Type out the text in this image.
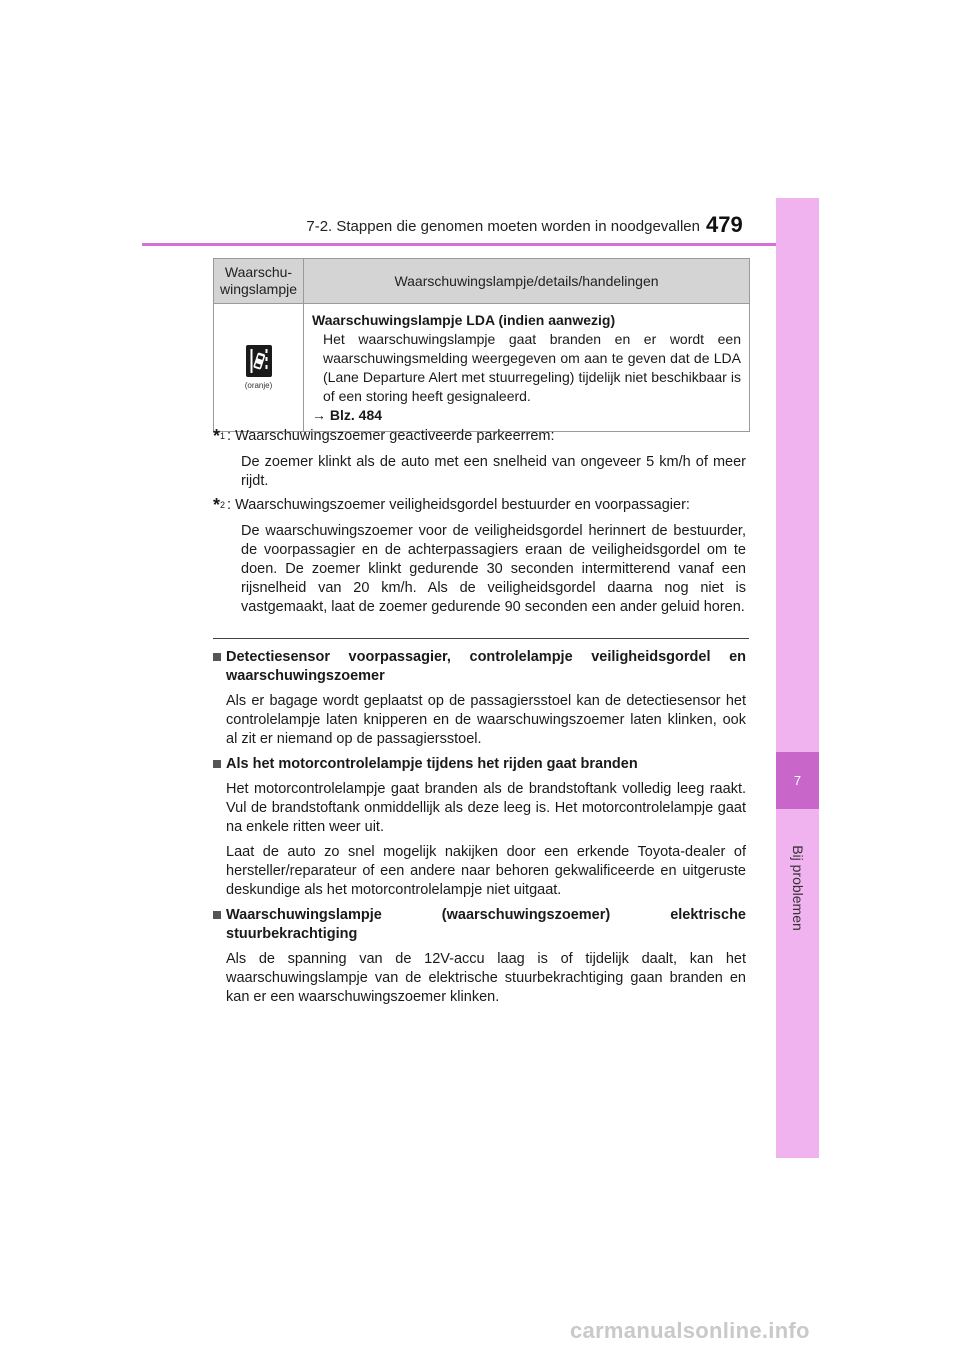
7-2. Stappen die genomen moeten worden in noodgevallen 479
7
Bij problemen
Waarschu-
wingslampje	Waarschuwingslampje/details/handelingen

(oranje)	Waarschuwingslampje LDA (indien aanwezig)
Het waarschuwingslampje gaat branden en er wordt een waarschuwingsmelding weergegeven om aan te geven dat de LDA (Lane Departure Alert met stuurregeling) tijdelijk niet beschikbaar is of een storing heeft gesignaleerd.
→ Blz. 484
* 1 : Waarschuwingszoemer geactiveerde parkeerrem:
De zoemer klinkt als de auto met een snelheid van ongeveer 5 km/h of meer rijdt.
* 2 : Waarschuwingszoemer veiligheidsgordel bestuurder en voorpassagier:
De waarschuwingszoemer voor de veiligheidsgordel herinnert de bestuurder, de voorpassagier en de achterpassagiers eraan de veiligheidsgordel om te doen. De zoemer klinkt gedurende 30 seconden intermitterend vanaf een rijsnelheid van 20 km/h. Als de veiligheidsgordel daarna nog niet is vastgemaakt, laat de zoemer gedurende 90 seconden een ander geluid horen.
Detectiesensor voorpassagier, controlelampje veiligheidsgordel en waarschuwingszoemer
Als er bagage wordt geplaatst op de passagiersstoel kan de detectiesensor het controlelampje laten knipperen en de waarschuwingszoemer laten klinken, ook al zit er niemand op de passagiersstoel.
Als het motorcontrolelampje tijdens het rijden gaat branden
Het motorcontrolelampje gaat branden als de brandstoftank volledig leeg raakt. Vul de brandstoftank onmiddellijk als deze leeg is. Het motorcontrolelampje gaat na enkele ritten weer uit.
Laat de auto zo snel mogelijk nakijken door een erkende Toyota-dealer of hersteller/reparateur of een andere naar behoren gekwalificeerde en uitgeruste deskundige als het motorcontrolelampje niet uitgaat.
Waarschuwingslampje (waarschuwingszoemer) elektrische stuurbekrachtiging
Als de spanning van de 12V-accu laag is of tijdelijk daalt, kan het waarschuwingslampje van de elektrische stuurbekrachtiging gaan branden en kan er een waarschuwingszoemer klinken.
carmanualsonline.info
